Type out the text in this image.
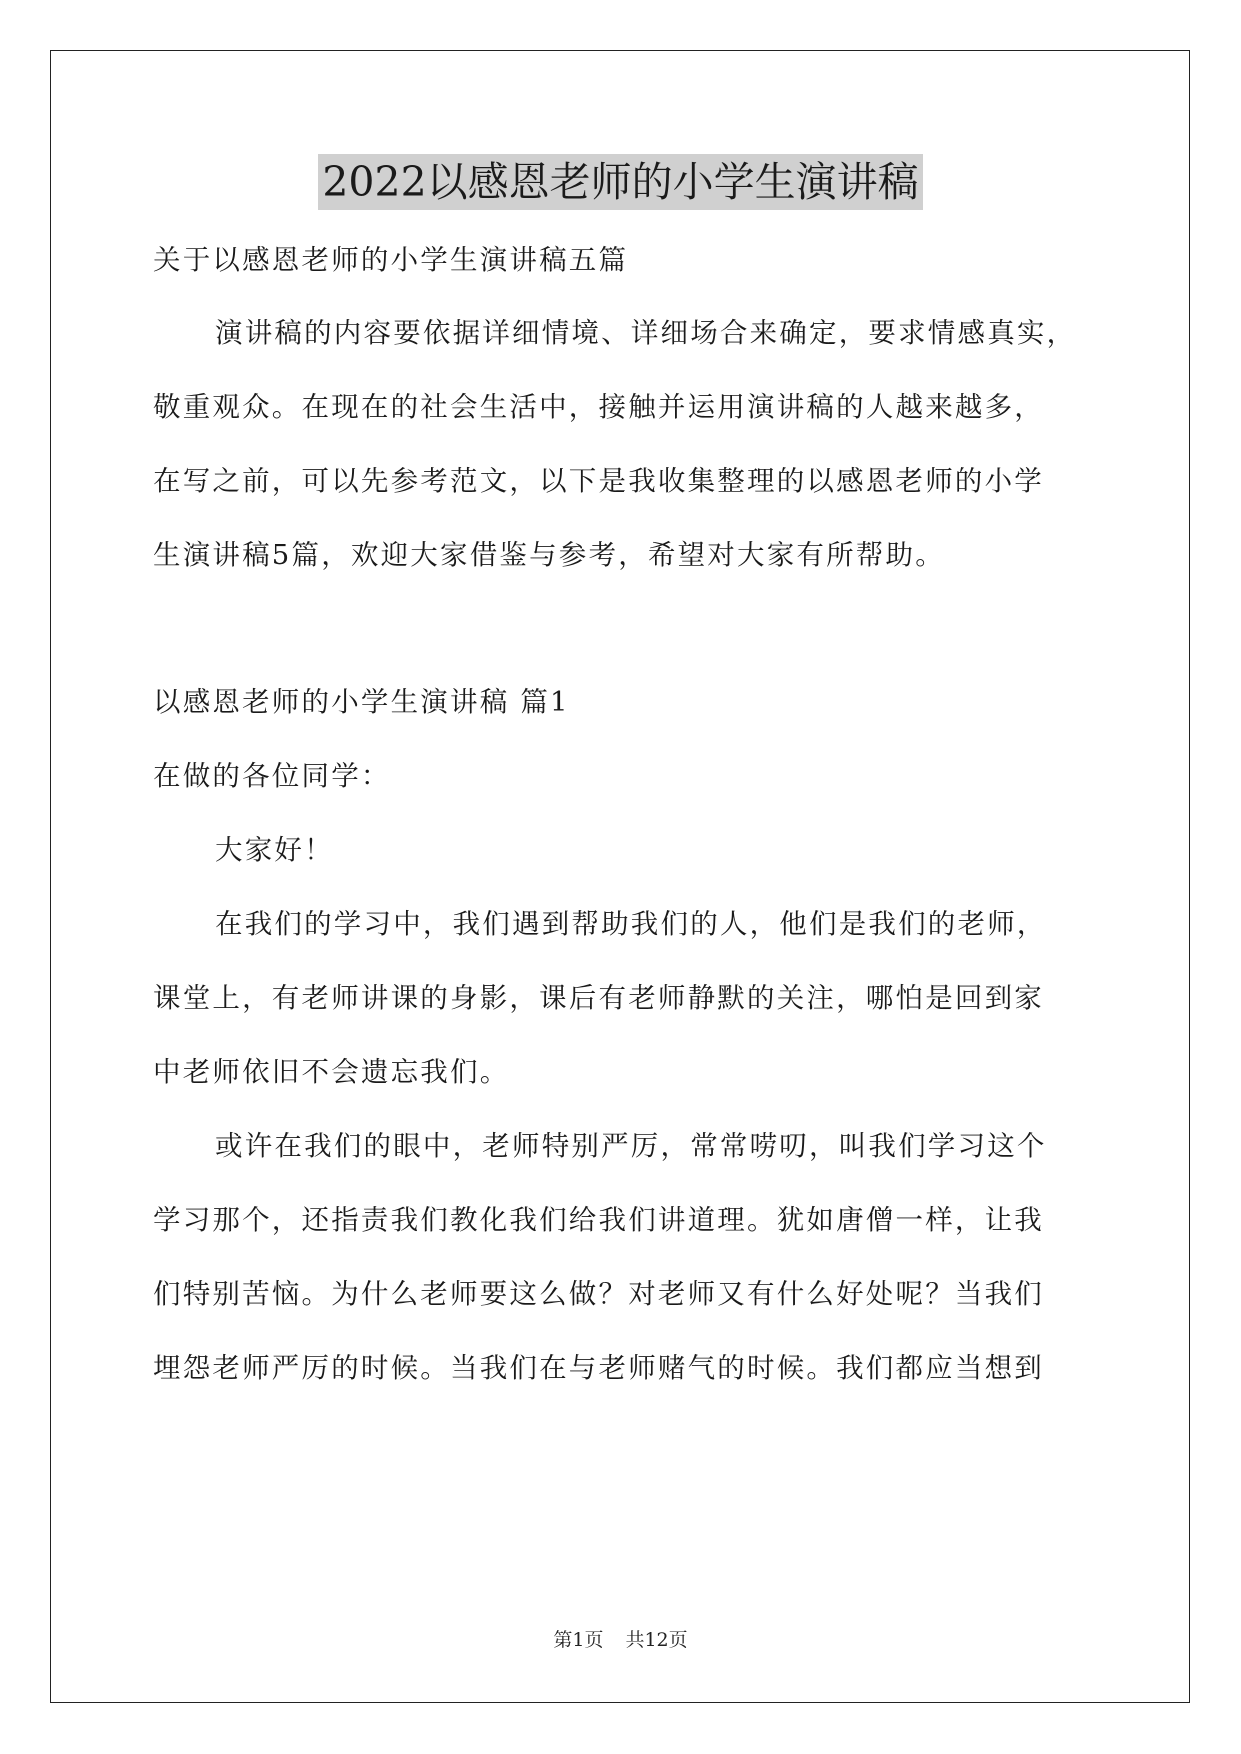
2022以感恩老师的小学生演讲稿
关于以感恩老师的小学生演讲稿五篇
演讲稿的内容要依据详细情境、详细场合来确定，要求情感真实，
敬重观众。在现在的社会生活中，接触并运用演讲稿的人越来越多，
在写之前，可以先参考范文，以下是我收集整理的以感恩老师的小学
生演讲稿5篇，欢迎大家借鉴与参考，希望对大家有所帮助。
以感恩老师的小学生演讲稿 篇1
在做的各位同学：
大家好！
在我们的学习中，我们遇到帮助我们的人，他们是我们的老师，
课堂上，有老师讲课的身影，课后有老师静默的关注，哪怕是回到家
中老师依旧不会遗忘我们。
或许在我们的眼中，老师特别严厉，常常唠叨，叫我们学习这个
学习那个，还指责我们教化我们给我们讲道理。犹如唐僧一样，让我
们特别苦恼。为什么老师要这么做？对老师又有什么好处呢？当我们
埋怨老师严厉的时候。当我们在与老师赌气的时候。我们都应当想到
第1页 共12页
